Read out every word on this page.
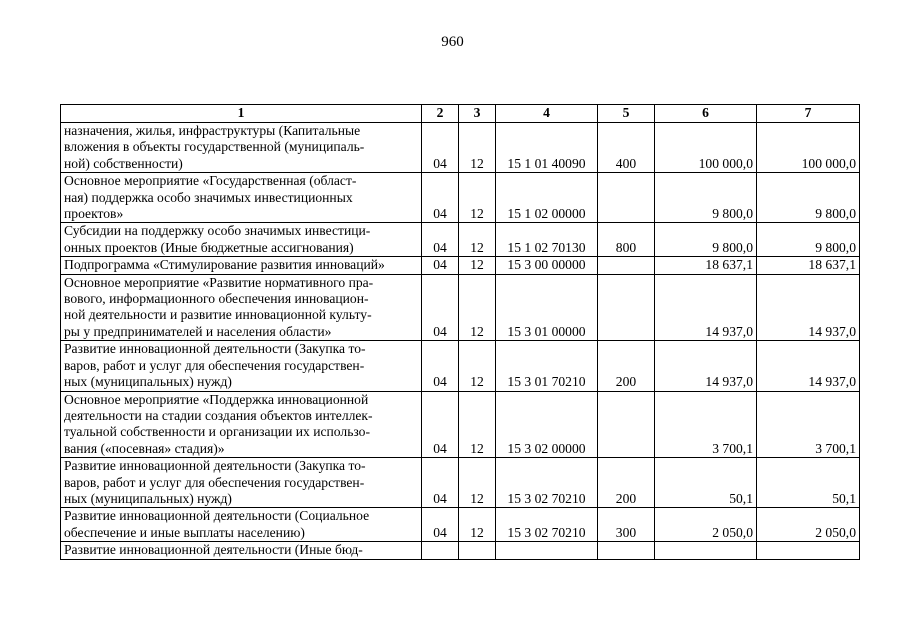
960
1	2	3	4	5	6	7

назначения, жилья, инфраструктуры (Капитальные
вложения в объекты государственной (муниципаль-
ной) собственности)	04	12	15 1 01 40090	400	100 000,0	100 000,0

Основное мероприятие «Государственная (област-
ная) поддержка особо значимых инвестиционных
проектов»	04	12	15 1 02 00000		9 800,0	9 800,0

Субсидии на поддержку особо значимых инвестици-
онных проектов (Иные бюджетные ассигнования)	04	12	15 1 02 70130	800	9 800,0	9 800,0

Подпрограмма «Стимулирование развития инноваций»	04	12	15 3 00 00000		18 637,1	18 637,1

Основное мероприятие «Развитие нормативного пра-
вового, информационного обеспечения инновацион-
ной деятельности и развитие инновационной культу-
ры у предпринимателей и населения области»	04	12	15 3 01 00000		14 937,0	14 937,0

Развитие инновационной деятельности (Закупка то-
варов, работ и услуг для обеспечения государствен-
ных (муниципальных) нужд)	04	12	15 3 01 70210	200	14 937,0	14 937,0

Основное мероприятие «Поддержка инновационной
деятельности на стадии создания объектов интеллек-
туальной собственности и организации их использо-
вания («посевная» стадия)»	04	12	15 3 02 00000		3 700,1	3 700,1

Развитие инновационной деятельности (Закупка то-
варов, работ и услуг для обеспечения государствен-
ных (муниципальных) нужд)	04	12	15 3 02 70210	200	50,1	50,1

Развитие инновационной деятельности (Социальное
обеспечение и иные выплаты населению)	04	12	15 3 02 70210	300	2 050,0	2 050,0

Развитие инновационной деятельности (Иные бюд-						
